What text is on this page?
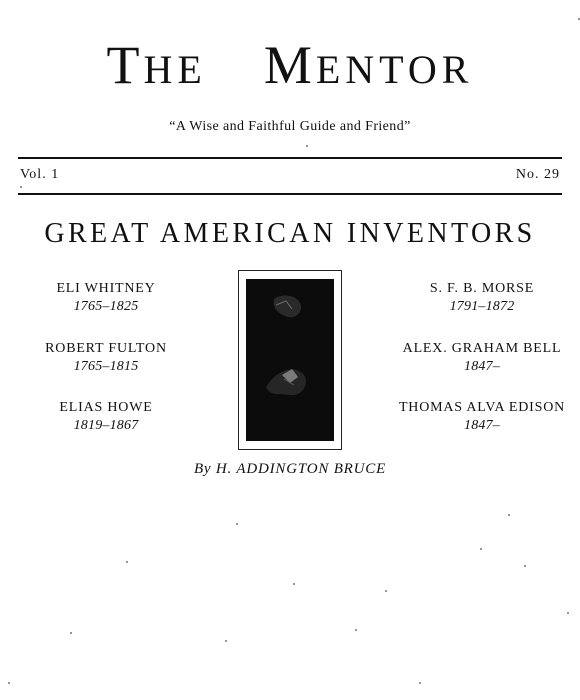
THE MENTOR
“A Wise and Faithful Guide and Friend”
Vol. 1	No. 29
GREAT AMERICAN INVENTORS
ELI WHITNEY
1765–1825
ROBERT FULTON
1765–1815
ELIAS HOWE
1819–1867
S. F. B. MORSE
1791–1872
ALEX. GRAHAM BELL
1847–
THOMAS ALVA EDISON
1847–
By H. ADDINGTON BRUCE
